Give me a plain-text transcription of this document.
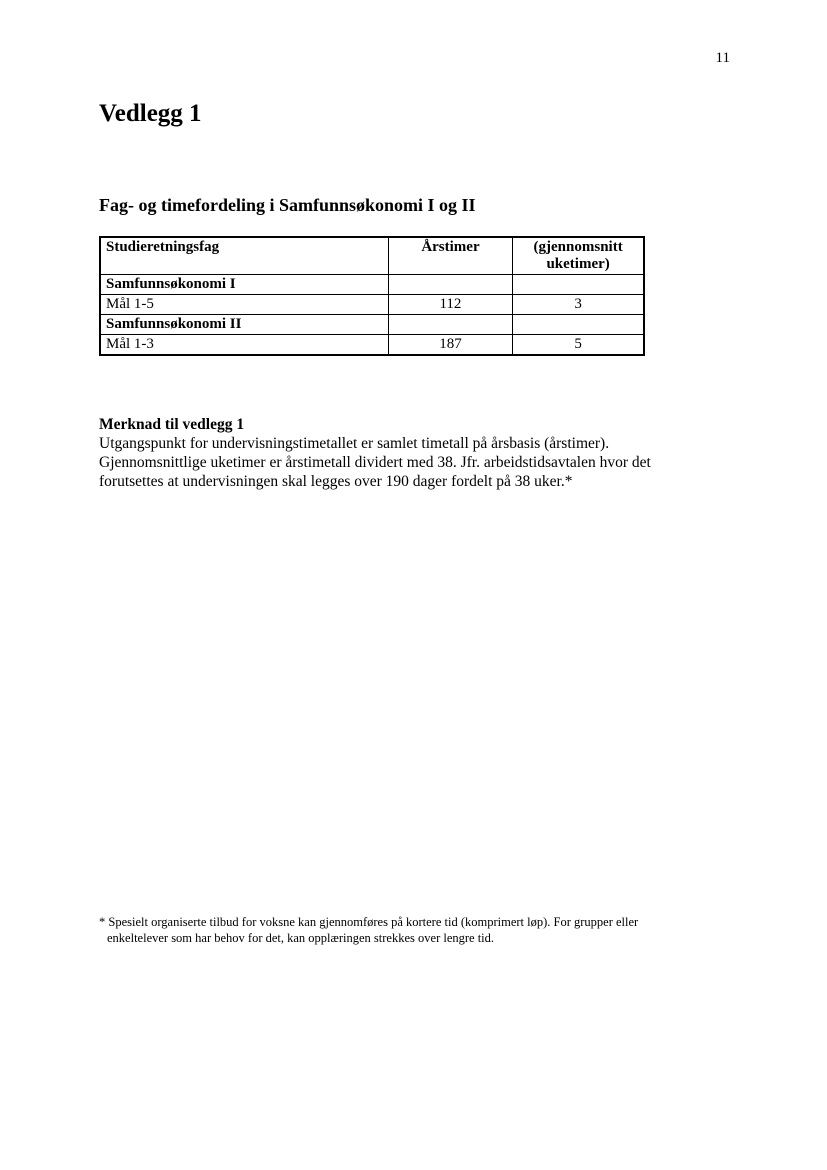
11
Vedlegg 1
Fag- og timefordeling i Samfunnsøkonomi I og II
Studieretningsfag	Årstimer	(gjennomsnitt uketimer)
Samfunnsøkonomi I		
Mål 1-5	112	3
Samfunnsøkonomi II		
Mål 1-3	187	5
Merknad til vedlegg 1
Utgangspunkt for undervisningstimetallet er samlet timetall på årsbasis (årstimer).
Gjennomsnittlige uketimer er årstimetall dividert med 38. Jfr. arbeidstidsavtalen hvor det
forutsettes at undervisningen skal legges over 190 dager fordelt på 38 uker.*
* Spesielt organiserte tilbud for voksne kan gjennomføres på kortere tid (komprimert løp). For grupper eller
enkeltelever som har behov for det, kan opplæringen strekkes over lengre tid.
